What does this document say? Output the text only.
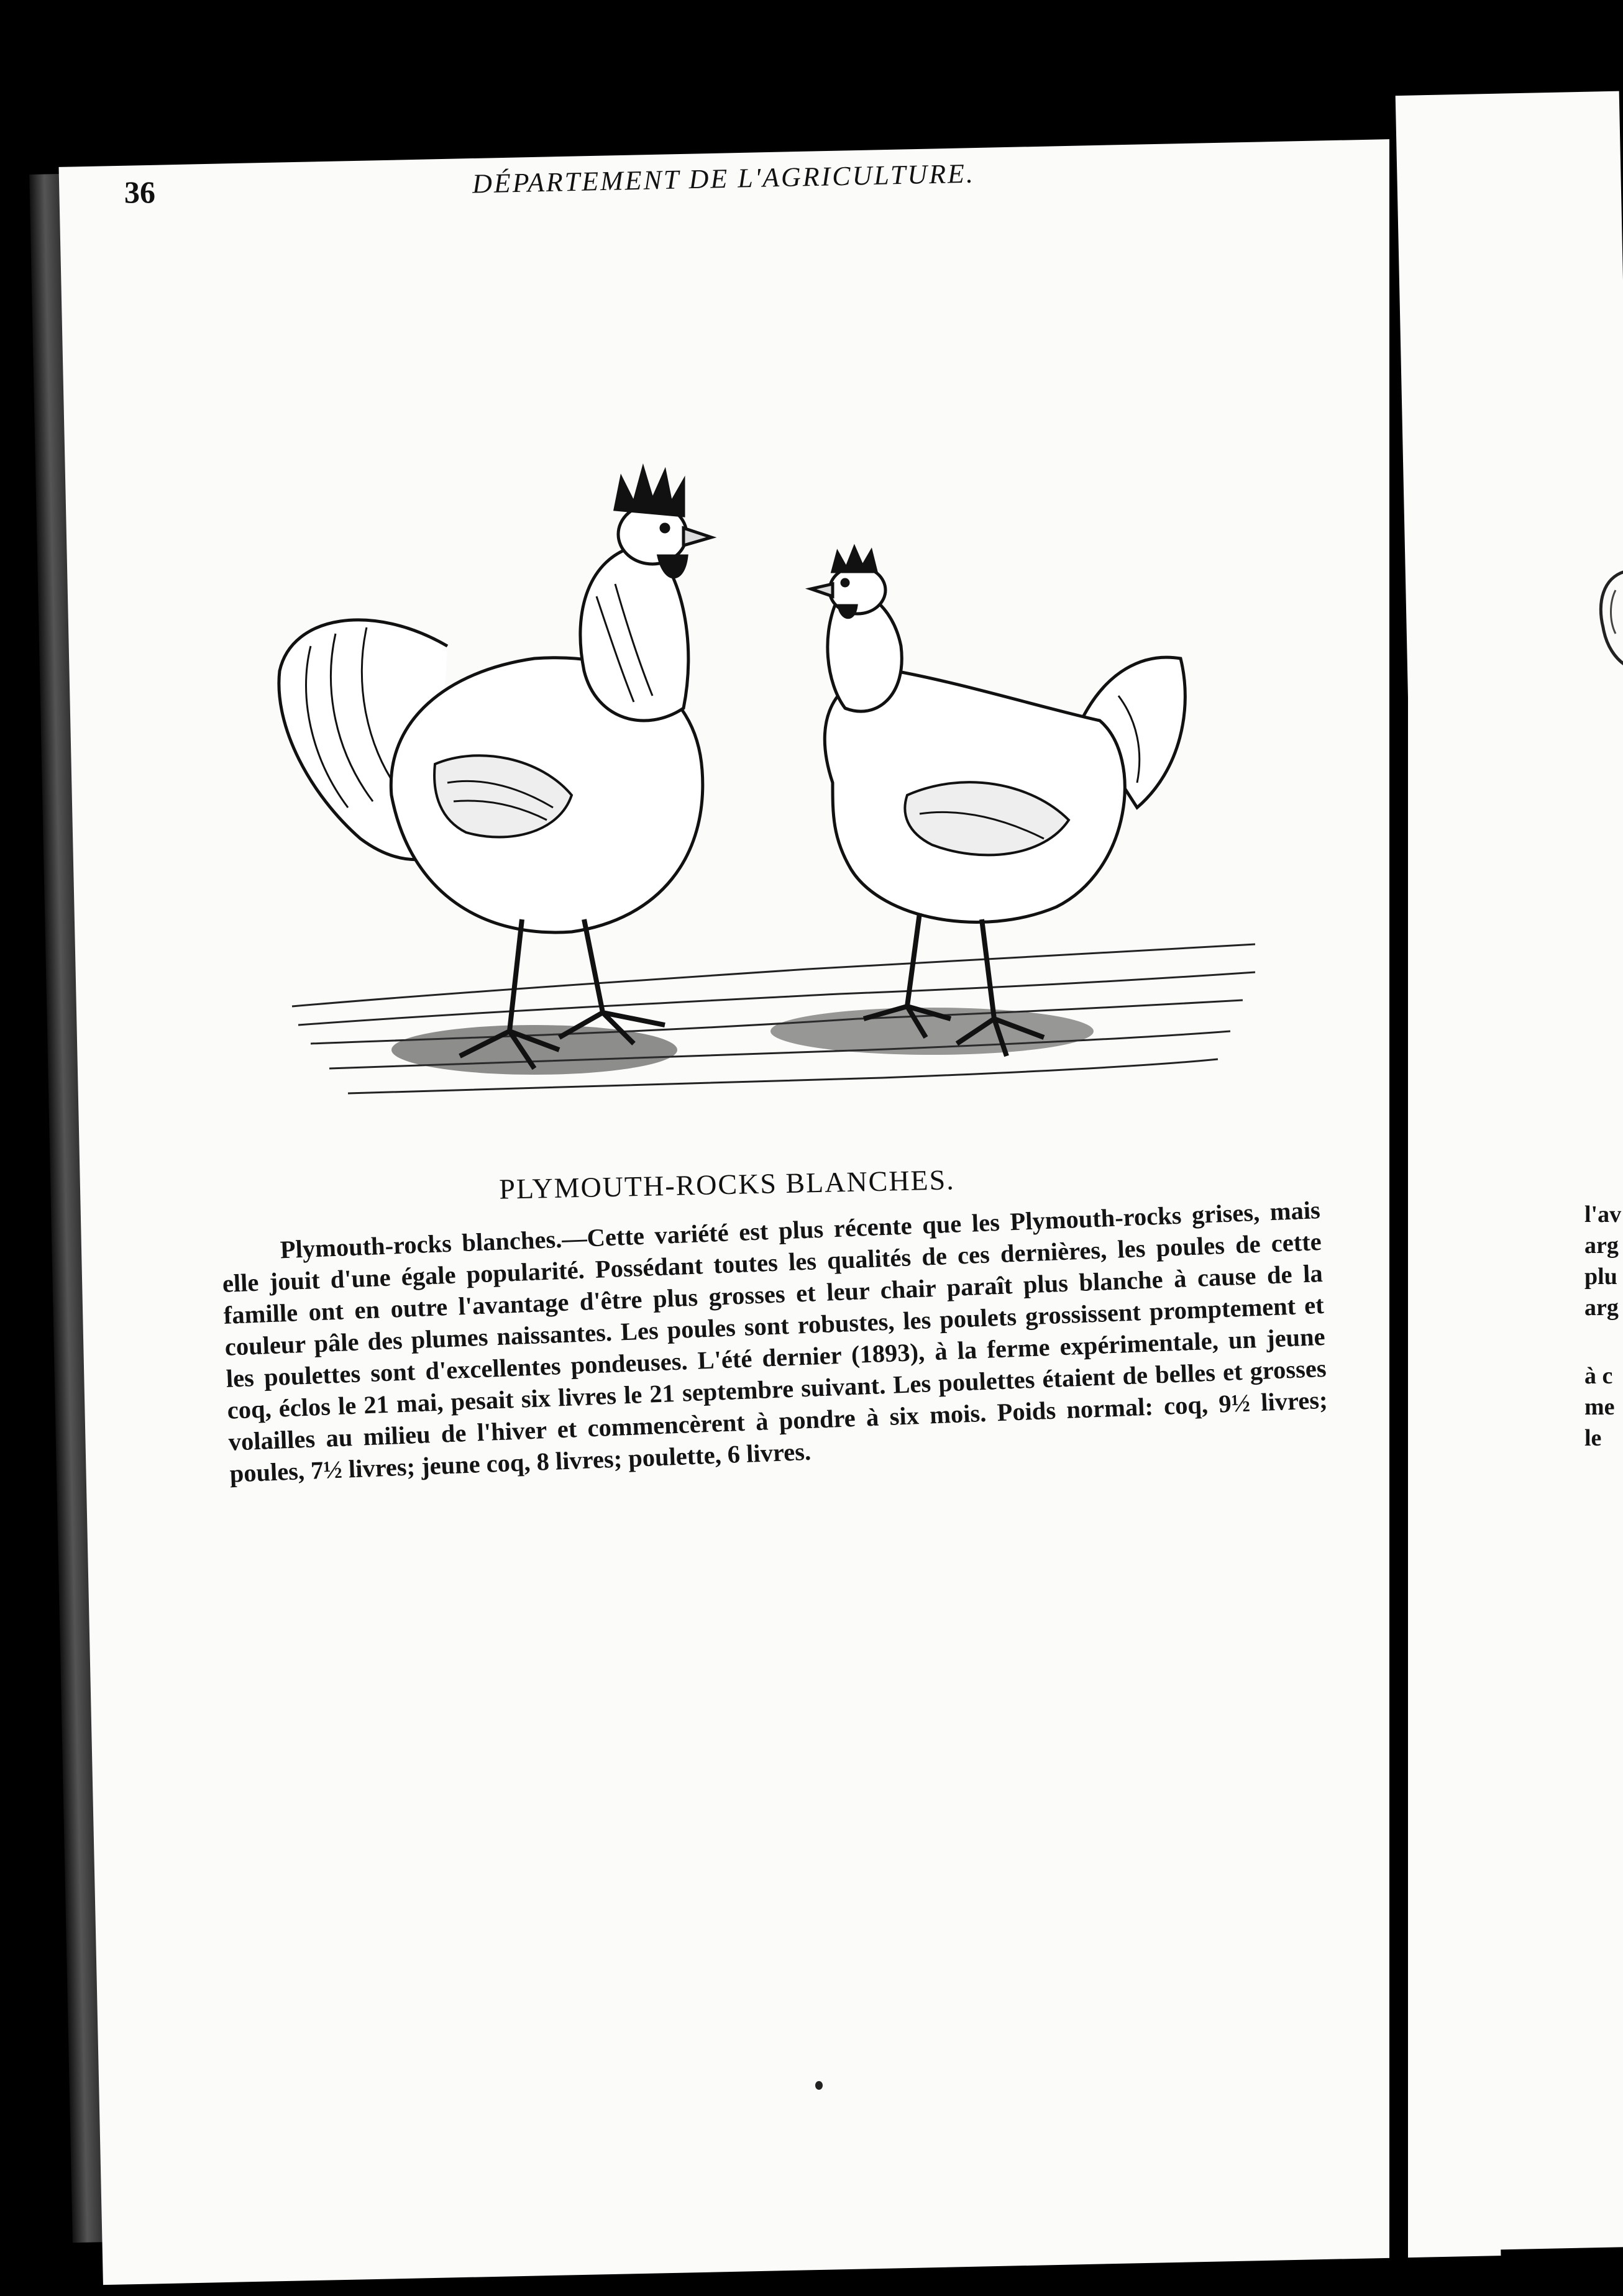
36	DÉPARTEMENT DE L'AGRICULTURE.
PLYMOUTH-ROCKS BLANCHES.
Plymouth-rocks blanches.—Cette variété est plus récente que les Plymouth-rocks grises, mais elle jouit d'une égale popularité. Possédant toutes les qualités de ces dernières, les poules de cette famille ont en outre l'avantage d'être plus grosses et leur chair paraît plus blanche à cause de la couleur pâle des plumes naissantes. Les poules sont robustes, les poulets grossissent promptement et les poulettes sont d'excellentes pondeuses. L'été dernier (1893), à la ferme expérimentale, un jeune coq, éclos le 21 mai, pesait six livres le 21 septembre suivant. Les poulettes étaient de belles et grosses volailles au milieu de l'hiver et commencèrent à pondre à six mois. Poids normal: coq, 9½ livres; poules, 7½ livres; jeune coq, 8 livres; poulette, 6 livres.
l'av
arg
plu
arg
à c
me
le
